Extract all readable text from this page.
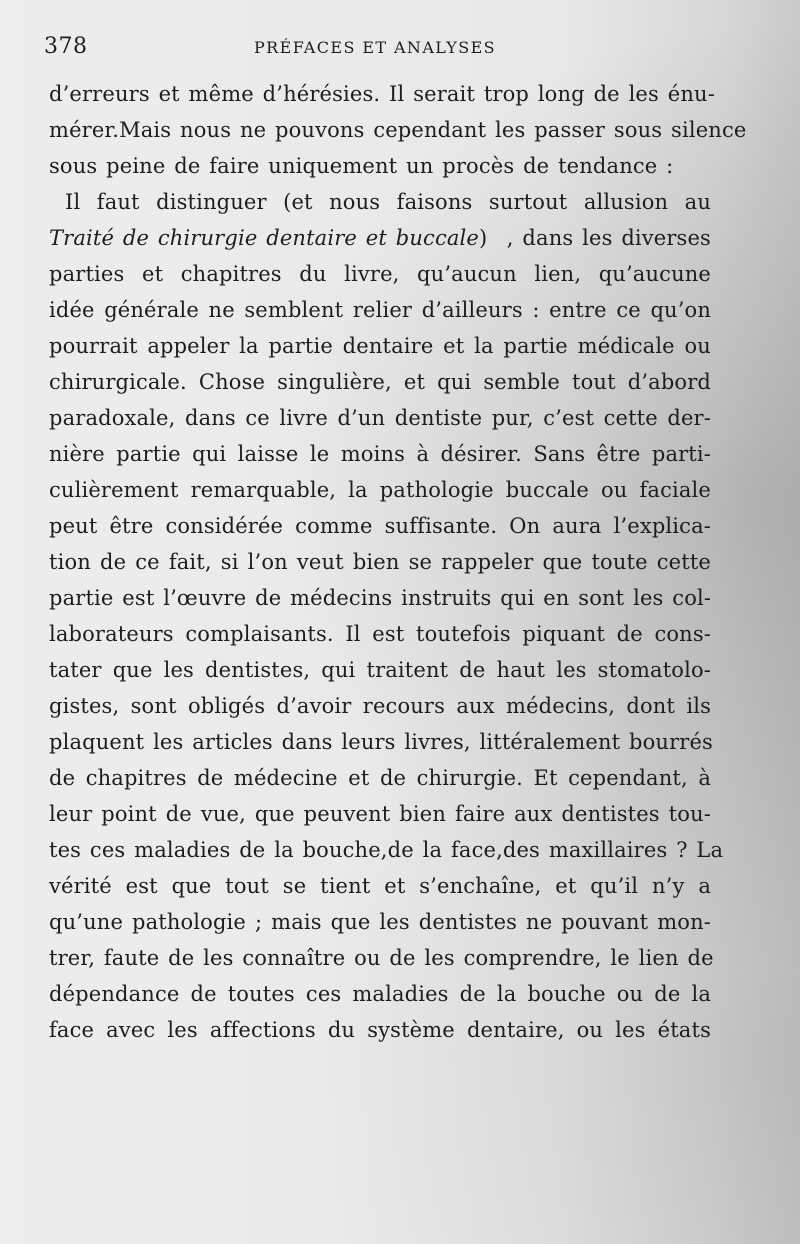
378	PRÉFACES ET ANALYSES
d’erreurs et même d’hérésies. Il serait trop long de les énu-
mérer.Mais nous ne pouvons cependant les passer sous silence
sous peine de faire uniquement un procès de tendance :
Il faut distinguer (et nous faisons surtout allusion au
Traité de chirurgie dentaire et buccale) , dans les diverses
parties et chapitres du livre, qu’aucun lien, qu’aucune
idée générale ne semblent relier d’ailleurs : entre ce qu’on
pourrait appeler la partie dentaire et la partie médicale ou
chirurgicale. Chose singulière, et qui semble tout d’abord
paradoxale, dans ce livre d’un dentiste pur, c’est cette der-
nière partie qui laisse le moins à désirer. Sans être parti-
culièrement remarquable, la pathologie buccale ou faciale
peut être considérée comme suffisante. On aura l’explica-
tion de ce fait, si l’on veut bien se rappeler que toute cette
partie est l’œuvre de médecins instruits qui en sont les col-
laborateurs complaisants. Il est toutefois piquant de cons-
tater que les dentistes, qui traitent de haut les stomatolo-
gistes, sont obligés d’avoir recours aux médecins, dont ils
plaquent les articles dans leurs livres, littéralement bourrés
de chapitres de médecine et de chirurgie. Et cependant, à
leur point de vue, que peuvent bien faire aux dentistes tou-
tes ces maladies de la bouche,de la face,des maxillaires ? La
vérité est que tout se tient et s’enchaîne, et qu’il n’y a
qu’une pathologie ; mais que les dentistes ne pouvant mon-
trer, faute de les connaître ou de les comprendre, le lien de
dépendance de toutes ces maladies de la bouche ou de la
face avec les affections du système dentaire, ou les états
